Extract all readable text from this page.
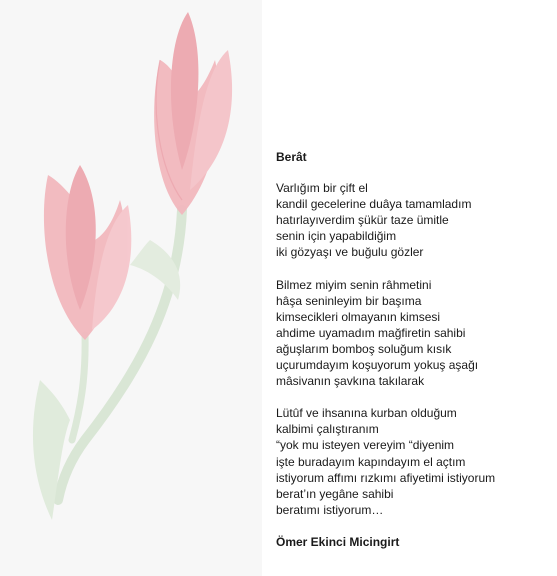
Berât
Varlığım bir çift el
kandil gecelerine duâya tamamladım
hatırlayıverdim şükür taze ümitle
senin için yapabildiğim
iki gözyaşı ve buğulu gözler
Bilmez miyim senin râhmetini
hâşa seninleyim bir başıma
kimsecikleri olmayanın kimsesi
ahdime uyamadım mağfiretin sahibi
ağuşlarım bomboş soluğum kısık
uçurumdayım koşuyorum yokuş aşağı
mâsivanın şavkına takılarak
Lütûf ve ihsanına kurban olduğum
kalbimi çalıştıranım
“yok mu isteyen vereyim “diyenim
işte buradayım kapındayım el açtım
istiyorum affımı rızkımı afiyetimi istiyorum
berat’ın yegâne sahibi
beratımı istiyorum…
Ömer Ekinci Micingirt
